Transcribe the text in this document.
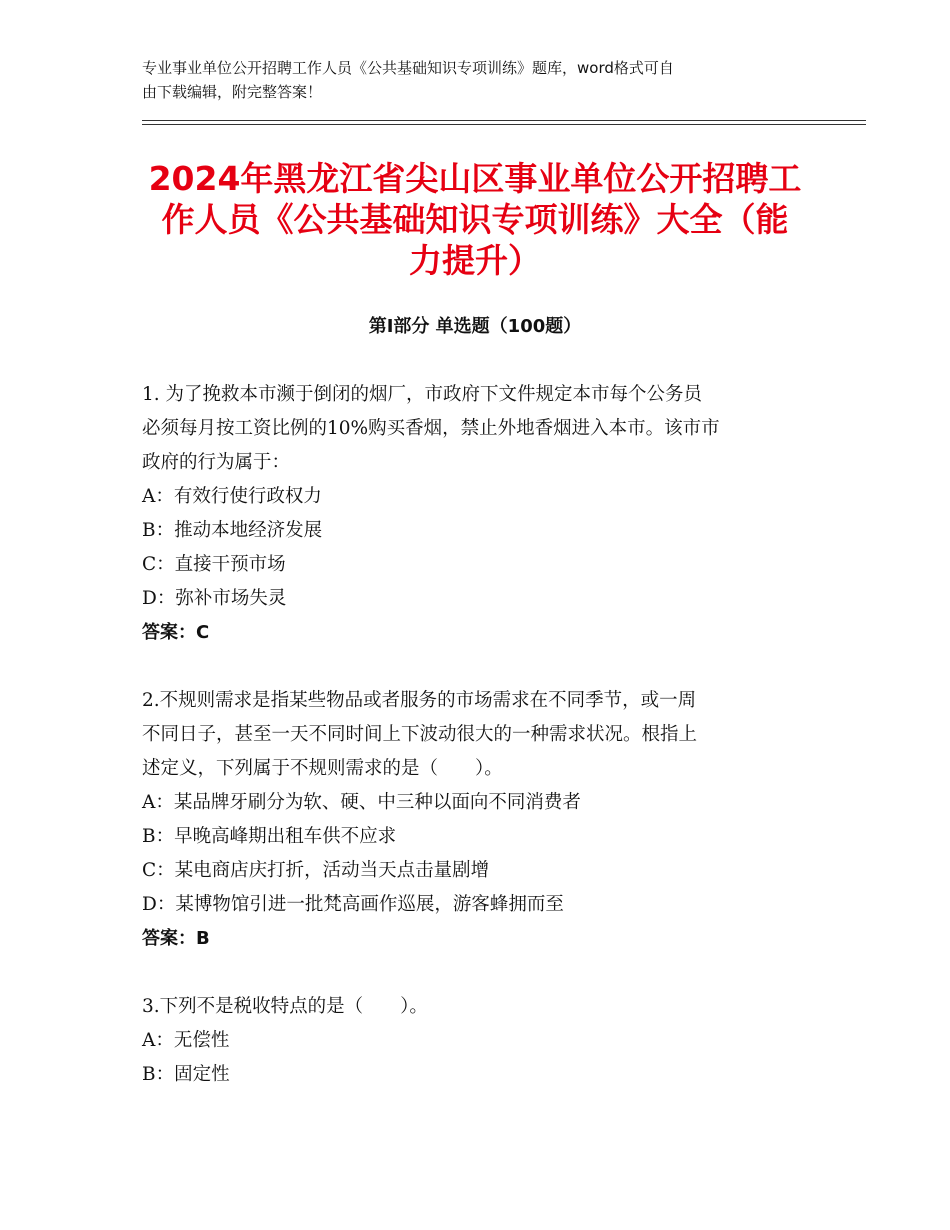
专业事业单位公开招聘工作人员《公共基础知识专项训练》题库，word格式可自
由下载编辑，附完整答案！
2024年黑龙江省尖山区事业单位公开招聘工
作人员《公共基础知识专项训练》大全（能
力提升）
第Ⅰ部分 单选题（100题）

1. 为了挽救本市濒于倒闭的烟厂，市政府下文件规定本市每个公务员

必须每月按工资比例的10%购买香烟，禁止外地香烟进入本市。该市市

政府的行为属于：

A：有效行使行政权力

B：推动本地经济发展

C：直接干预市场

D：弥补市场失灵

答案：C

2.不规则需求是指某些物品或者服务的市场需求在不同季节，或一周

不同日子，甚至一天不同时间上下波动很大的一种需求状况。根指上

述定义，下列属于不规则需求的是（　　）。

A：某品牌牙刷分为软、硬、中三种以面向不同消费者

B：早晚高峰期出租车供不应求

C：某电商店庆打折，活动当天点击量剧增

D：某博物馆引进一批梵高画作巡展，游客蜂拥而至

答案：B

3.下列不是税收特点的是（　　）。

A：无偿性

B：固定性
